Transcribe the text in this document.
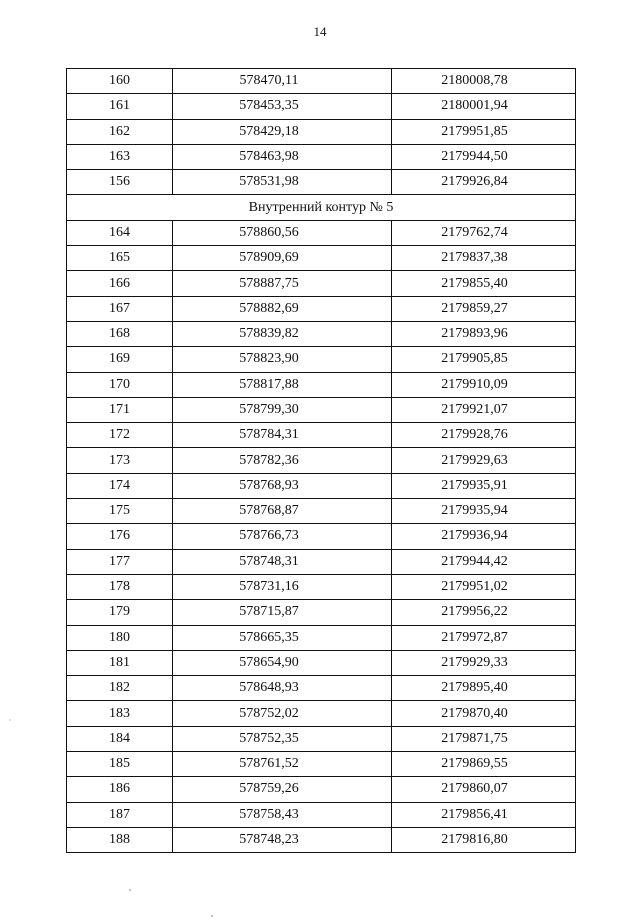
14
160	578470,11	2180008,78
161	578453,35	2180001,94
162	578429,18	2179951,85
163	578463,98	2179944,50
156	578531,98	2179926,84
Внутренний контур № 5		
164	578860,56	2179762,74
165	578909,69	2179837,38
166	578887,75	2179855,40
167	578882,69	2179859,27
168	578839,82	2179893,96
169	578823,90	2179905,85
170	578817,88	2179910,09
171	578799,30	2179921,07
172	578784,31	2179928,76
173	578782,36	2179929,63
174	578768,93	2179935,91
175	578768,87	2179935,94
176	578766,73	2179936,94
177	578748,31	2179944,42
178	578731,16	2179951,02
179	578715,87	2179956,22
180	578665,35	2179972,87
181	578654,90	2179929,33
182	578648,93	2179895,40
183	578752,02	2179870,40
184	578752,35	2179871,75
185	578761,52	2179869,55
186	578759,26	2179860,07
187	578758,43	2179856,41
188	578748,23	2179816,80
